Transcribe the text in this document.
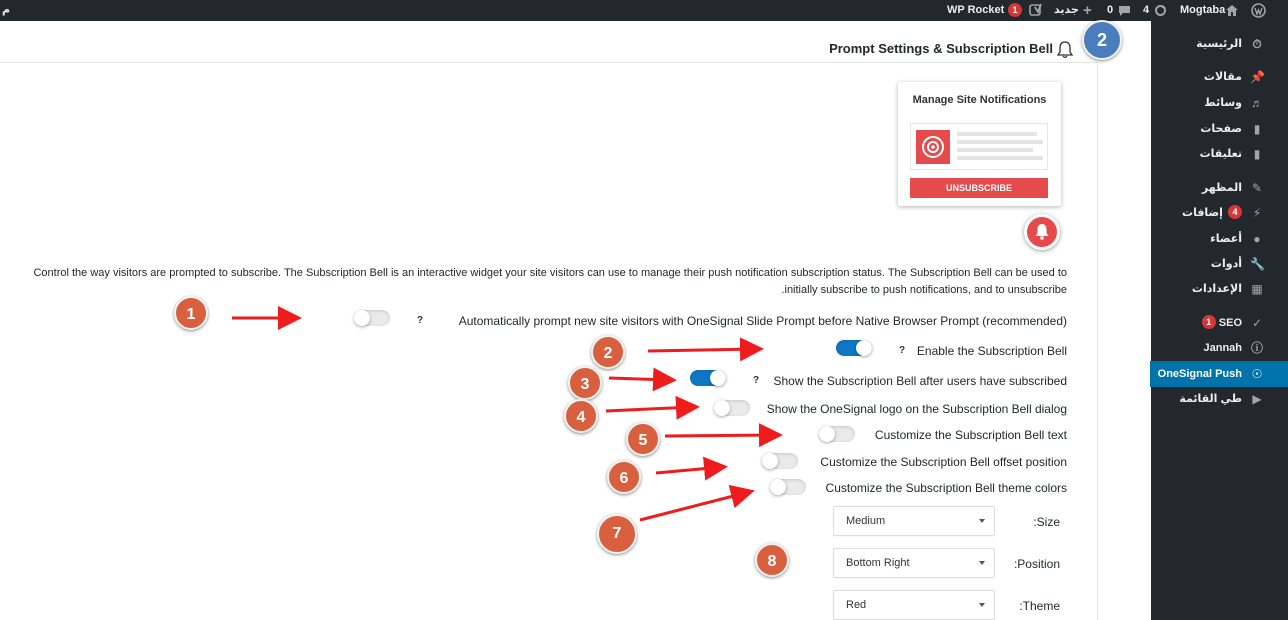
م	WP Rocket 1	جديد + 0	4	Mogtaba
الرئيسية ⏱
مقالات 📌
وسائط ♬
صفحات ▮
تعليقات ▮
المظهر ✎
إضافات 4 ⚡
أعضاء ●
أدوات 🔧
الإعدادات ▦
1 SEO ✓
Jannah ⓘ
OneSignal Push ☉
طي القائمة ▶
Prompt Settings & Subscription Bell	2
Manage Site Notifications
UNSUBSCRIBE
Control the way visitors are prompted to subscribe. The Subscription Bell is an interactive widget your site visitors can use to manage their push notification subscription status. The Subscription Bell can be used to
initially subscribe to push notifications, and to unsubscribe.
Automatically prompt new site visitors with OneSignal Slide Prompt before Native Browser Prompt (recommended)
?
Enable the Subscription Bell
?
Show the Subscription Bell after users have subscribed
?
Show the OneSignal logo on the Subscription Bell dialog
Customize the Subscription Bell text
Customize the Subscription Bell offset position
Customize the Subscription Bell theme colors
:Size
Medium
:Position
Bottom Right
:Theme
Red
1
2
3
4
5
6
7
8
